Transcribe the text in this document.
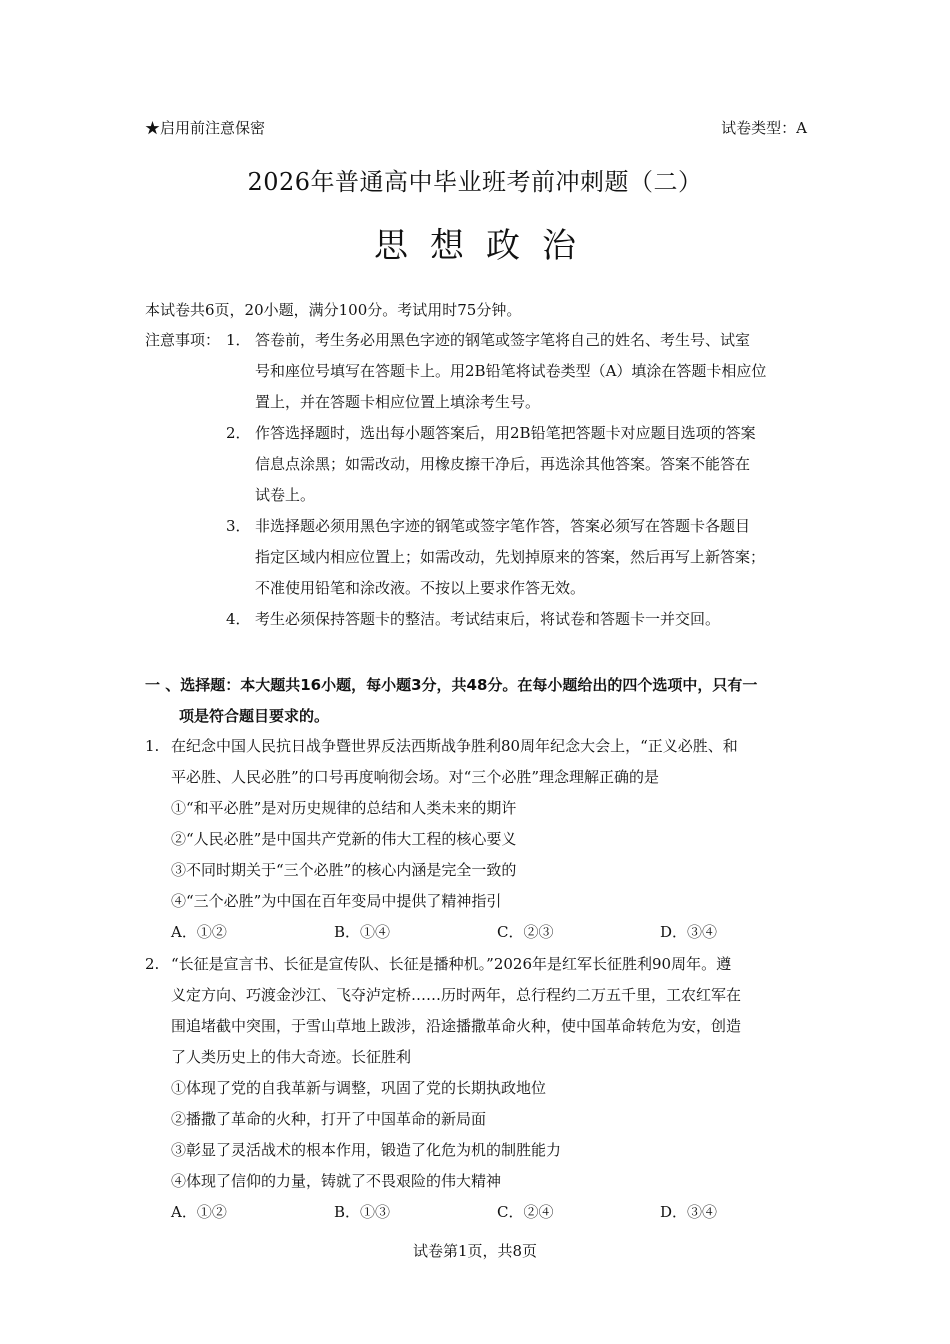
★启用前注意保密	试卷类型：A
2026年普通高中毕业班考前冲刺题（二）
思想政治
本试卷共6页，20小题，满分100分。考试用时75分钟。
注意事项： 1． 答卷前，考生务必用黑色字迹的钢笔或签字笔将自己的姓名、考生号、试室
号和座位号填写在答题卡上。用2B铅笔将试卷类型（A）填涂在答题卡相应位
置上，并在答题卡相应位置上填涂考生号。
2． 作答选择题时，选出每小题答案后，用2B铅笔把答题卡对应题目选项的答案
信息点涂黑；如需改动，用橡皮擦干净后，再选涂其他答案。答案不能答在
试卷上。
3． 非选择题必须用黑色字迹的钢笔或签字笔作答，答案必须写在答题卡各题目
指定区域内相应位置上；如需改动，先划掉原来的答案，然后再写上新答案；
不准使用铅笔和涂改液。不按以上要求作答无效。
4． 考生必须保持答题卡的整洁。考试结束后，将试卷和答题卡一并交回。
一 、选择题：本大题共16小题，每小题3分，共48分。在每小题给出的四个选项中，只有一
项是符合题目要求的。
1. 在纪念中国人民抗日战争暨世界反法西斯战争胜利80周年纪念大会上，“正义必胜、和
平必胜、人民必胜”的口号再度响彻会场。对“三个必胜”理念理解正确的是
①“和平必胜”是对历史规律的总结和人类未来的期许
②“人民必胜”是中国共产党新的伟大工程的核心要义
③不同时期关于“三个必胜”的核心内涵是完全一致的
④“三个必胜”为中国在百年变局中提供了精神指引
A．①②	B．①④	C．②③	D．③④
2. “长征是宣言书、长征是宣传队、长征是播种机。”2026年是红军长征胜利90周年。遵
义定方向、巧渡金沙江、飞夺泸定桥……历时两年，总行程约二万五千里，工农红军在
围追堵截中突围，于雪山草地上跋涉，沿途播撒革命火种，使中国革命转危为安，创造
了人类历史上的伟大奇迹。长征胜利
①体现了党的自我革新与调整，巩固了党的长期执政地位
②播撒了革命的火种，打开了中国革命的新局面
③彰显了灵活战术的根本作用，锻造了化危为机的制胜能力
④体现了信仰的力量，铸就了不畏艰险的伟大精神
A．①②	B．①③	C．②④	D．③④
试卷第1页，共8页
